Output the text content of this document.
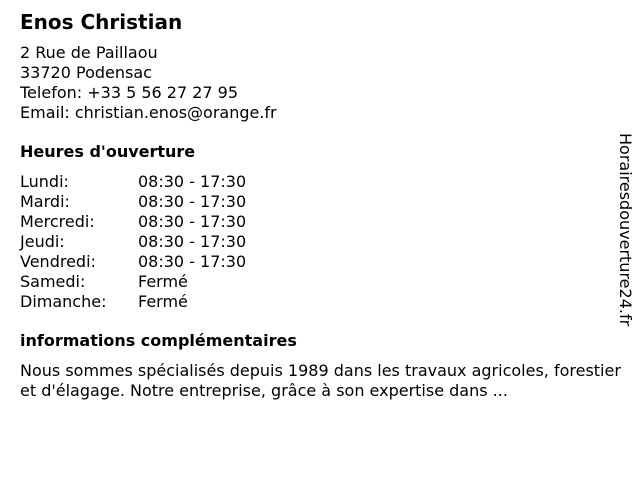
Enos Christian
2 Rue de Paillaou
33720 Podensac
Telefon: +33 5 56 27 27 95
Email: christian.enos@orange.fr
Heures d'ouverture
Lundi:	08:30 - 17:30
Mardi:	08:30 - 17:30
Mercredi:	08:30 - 17:30
Jeudi:	08:30 - 17:30
Vendredi:	08:30 - 17:30
Samedi:	Fermé
Dimanche:	Fermé
informations complémentaires
Nous sommes spécialisés depuis 1989 dans les travaux agricoles, forestier et d'élagage. Notre entreprise, grâce à son expertise dans ...
Horairesdouverture24.fr
